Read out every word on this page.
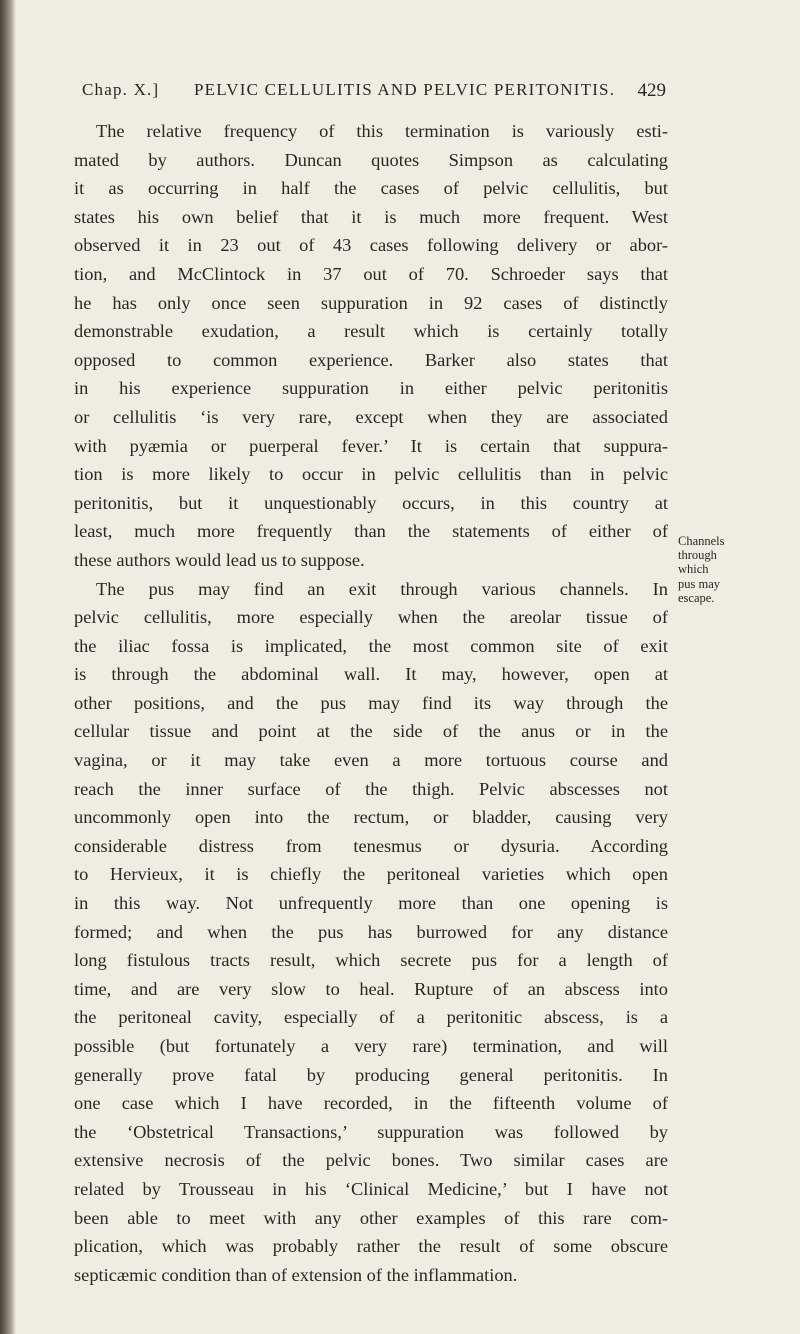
Chap. X.] PELVIC CELLULITIS AND PELVIC PERITONITIS. 429
The relative frequency of this termination is variously esti-
mated by authors. Duncan quotes Simpson as calculating
it as occurring in half the cases of pelvic cellulitis, but
states his own belief that it is much more frequent. West
observed it in 23 out of 43 cases following delivery or abor-
tion, and McClintock in 37 out of 70. Schroeder says that
he has only once seen suppuration in 92 cases of distinctly
demonstrable exudation, a result which is certainly totally
opposed to common experience. Barker also states that
in his experience suppuration in either pelvic peritonitis
or cellulitis ‘is very rare, except when they are associated
with pyæmia or puerperal fever.’ It is certain that suppura-
tion is more likely to occur in pelvic cellulitis than in pelvic
peritonitis, but it unquestionably occurs, in this country at
least, much more frequently than the statements of either of
these authors would lead us to suppose.
The pus may find an exit through various channels. In
pelvic cellulitis, more especially when the areolar tissue of
the iliac fossa is implicated, the most common site of exit
is through the abdominal wall. It may, however, open at
other positions, and the pus may find its way through the
cellular tissue and point at the side of the anus or in the
vagina, or it may take even a more tortuous course and
reach the inner surface of the thigh. Pelvic abscesses not
uncommonly open into the rectum, or bladder, causing very
considerable distress from tenesmus or dysuria. According
to Hervieux, it is chiefly the peritoneal varieties which open
in this way. Not unfrequently more than one opening is
formed; and when the pus has burrowed for any distance
long fistulous tracts result, which secrete pus for a length of
time, and are very slow to heal. Rupture of an abscess into
the peritoneal cavity, especially of a peritonitic abscess, is a
possible (but fortunately a very rare) termination, and will
generally prove fatal by producing general peritonitis. In
one case which I have recorded, in the fifteenth volume of
the ‘Obstetrical Transactions,’ suppuration was followed by
extensive necrosis of the pelvic bones. Two similar cases are
related by Trousseau in his ‘Clinical Medicine,’ but I have not
been able to meet with any other examples of this rare com-
plication, which was probably rather the result of some obscure
septicæmic condition than of extension of the inflammation.
Channels
through
which
pus may
escape.
